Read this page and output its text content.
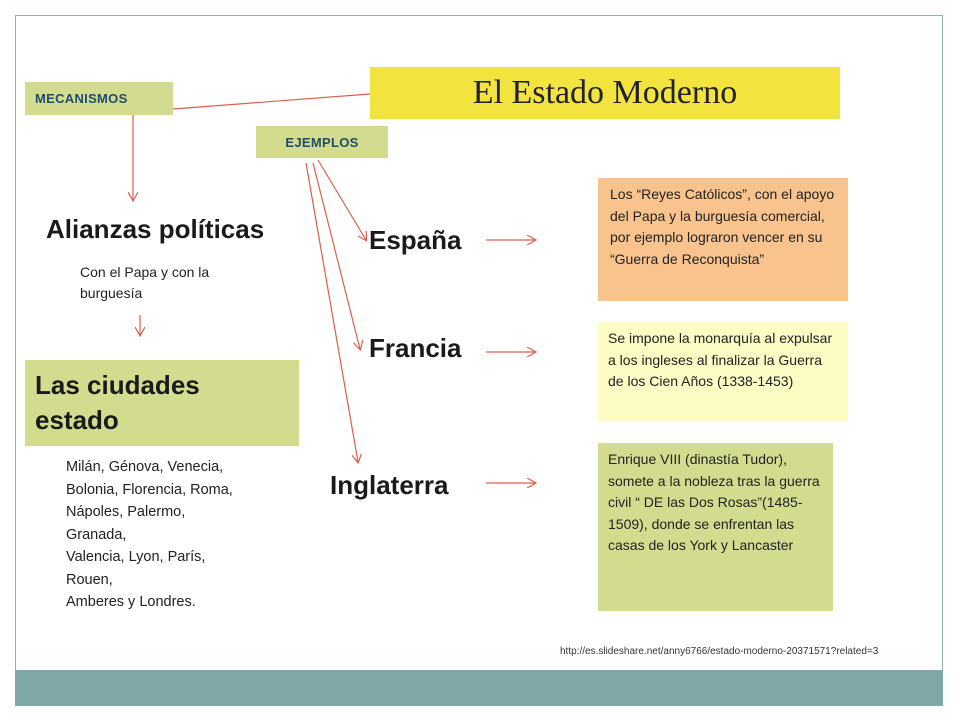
El Estado Moderno
MECANISMOS
EJEMPLOS
Alianzas políticas
Con el Papa y con la burguesía
Las ciudades estado
Milán, Génova, Venecia,
Bolonia, Florencia, Roma,
Nápoles, Palermo,
Granada,
Valencia, Lyon, París,
Rouen,
Amberes y Londres.
España
Francia
Inglaterra
Los “Reyes Católicos”, con el apoyo del Papa y la burguesía comercial, por ejemplo lograron vencer en su “Guerra de Reconquista”
Se impone la monarquía al expulsar a los ingleses al finalizar la Guerra de los Cien Años (1338-1453)
Enrique VIII (dinastía Tudor), somete a la nobleza tras la guerra civil “ DE las Dos Rosas”(1485-1509), donde se enfrentan las casas de los York y Lancaster
http://es.slideshare.net/anny6766/estado-moderno-20371571?related=3
